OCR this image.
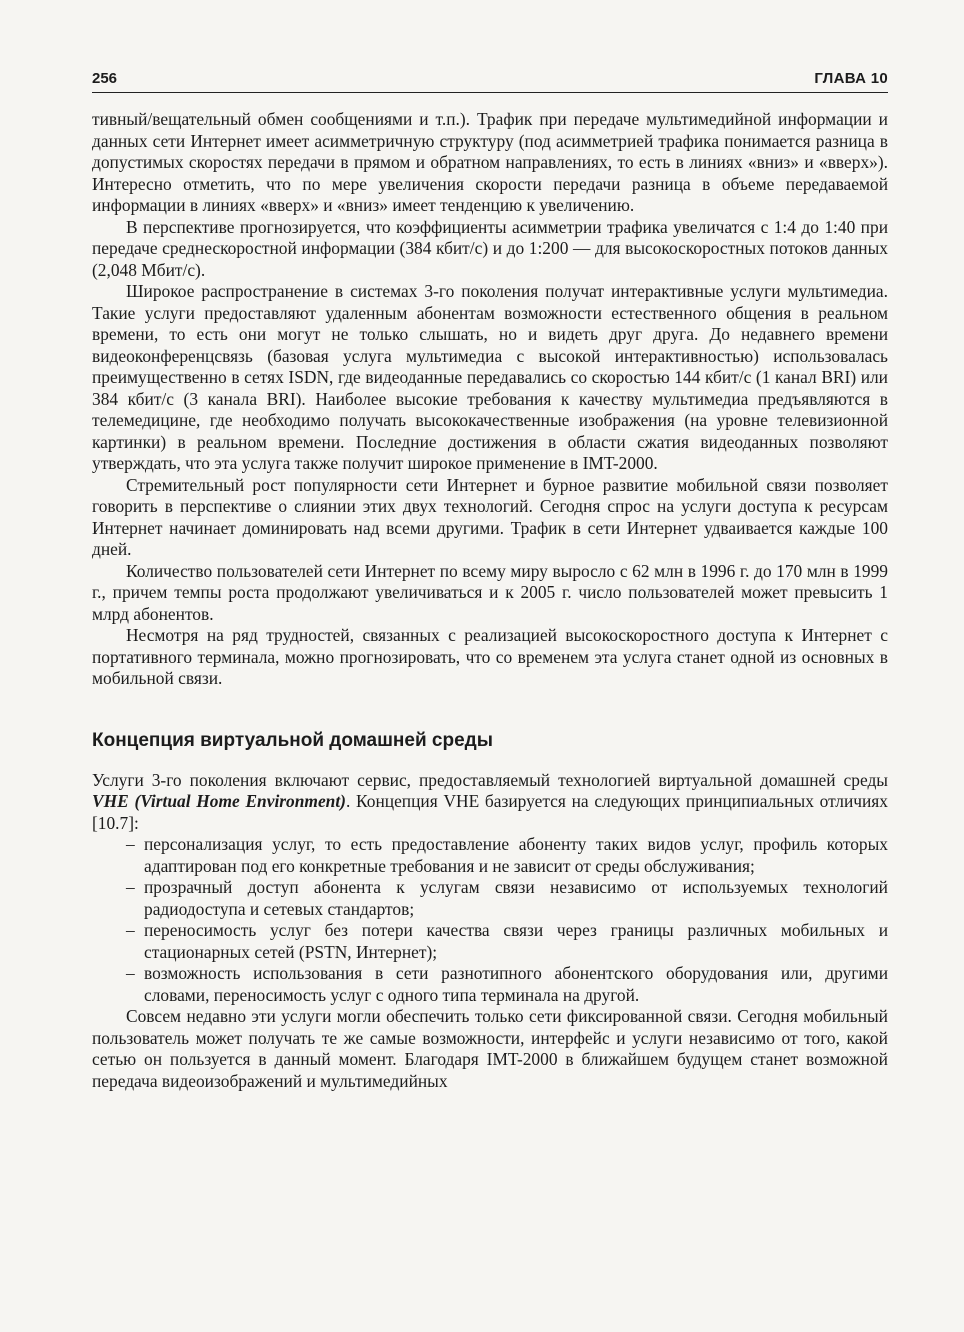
256	ГЛАВА 10

тивный/вещательный обмен сообщениями и т.п.). Трафик при передаче мультимедийной информации и данных сети Интернет имеет асимметричную структуру (под асимметрией трафика понимается разница в допустимых скоростях передачи в прямом и обратном направлениях, то есть в линиях «вниз» и «вверх»). Интересно отметить, что по мере увеличения скорости передачи разница в объеме передаваемой информации в линиях «вверх» и «вниз» имеет тенденцию к увеличению.

В перспективе прогнозируется, что коэффициенты асимметрии трафика увеличатся с 1:4 до 1:40 при передаче среднескоростной информации (384 кбит/с) и до 1:200 — для высокоскоростных потоков данных (2,048 Мбит/с).

Широкое распространение в системах 3-го поколения получат интерактивные услуги мультимедиа. Такие услуги предоставляют удаленным абонентам возможности естественного общения в реальном времени, то есть они могут не только слышать, но и видеть друг друга. До недавнего времени видеоконференцсвязь (базовая услуга мультимедиа с высокой интерактивностью) использовалась преимущественно в сетях ISDN, где видеоданные передавались со скоростью 144 кбит/с (1 канал BRI) или 384 кбит/с (3 канала BRI). Наиболее высокие требования к качеству мультимедиа предъявляются в телемедицине, где необходимо получать высококачественные изображения (на уровне телевизионной картинки) в реальном времени. Последние достижения в области сжатия видеоданных позволяют утверждать, что эта услуга также получит широкое применение в IMT-2000.

Стремительный рост популярности сети Интернет и бурное развитие мобильной связи позволяет говорить в перспективе о слиянии этих двух технологий. Сегодня спрос на услуги доступа к ресурсам Интернет начинает доминировать над всеми другими. Трафик в сети Интернет удваивается каждые 100 дней.

Количество пользователей сети Интернет по всему миру выросло с 62 млн в 1996 г. до 170 млн в 1999 г., причем темпы роста продолжают увеличиваться и к 2005 г. число пользователей может превысить 1 млрд абонентов.

Несмотря на ряд трудностей, связанных с реализацией высокоскоростного доступа к Интернет с портативного терминала, можно прогнозировать, что со временем эта услуга станет одной из основных в мобильной связи.

Концепция виртуальной домашней среды

Услуги 3-го поколения включают сервис, предоставляемый технологией виртуальной домашней среды VHE (Virtual Home Environment). Концепция VHE базируется на следующих принципиальных отличиях [10.7]:

– персонализация услуг, то есть предоставление абоненту таких видов услуг, профиль которых адаптирован под его конкретные требования и не зависит от среды обслуживания;
– прозрачный доступ абонента к услугам связи независимо от используемых технологий радиодоступа и сетевых стандартов;
– переносимость услуг без потери качества связи через границы различных мобильных и стационарных сетей (PSTN, Интернет);
– возможность использования в сети разнотипного абонентского оборудования или, другими словами, переносимость услуг с одного типа терминала на другой.

Совсем недавно эти услуги могли обеспечить только сети фиксированной связи. Сегодня мобильный пользователь может получать те же самые возможности, интерфейс и услуги независимо от того, какой сетью он пользуется в данный момент. Благодаря IMT-2000 в ближайшем будущем станет возможной передача видеоизображений и мультимедийных
